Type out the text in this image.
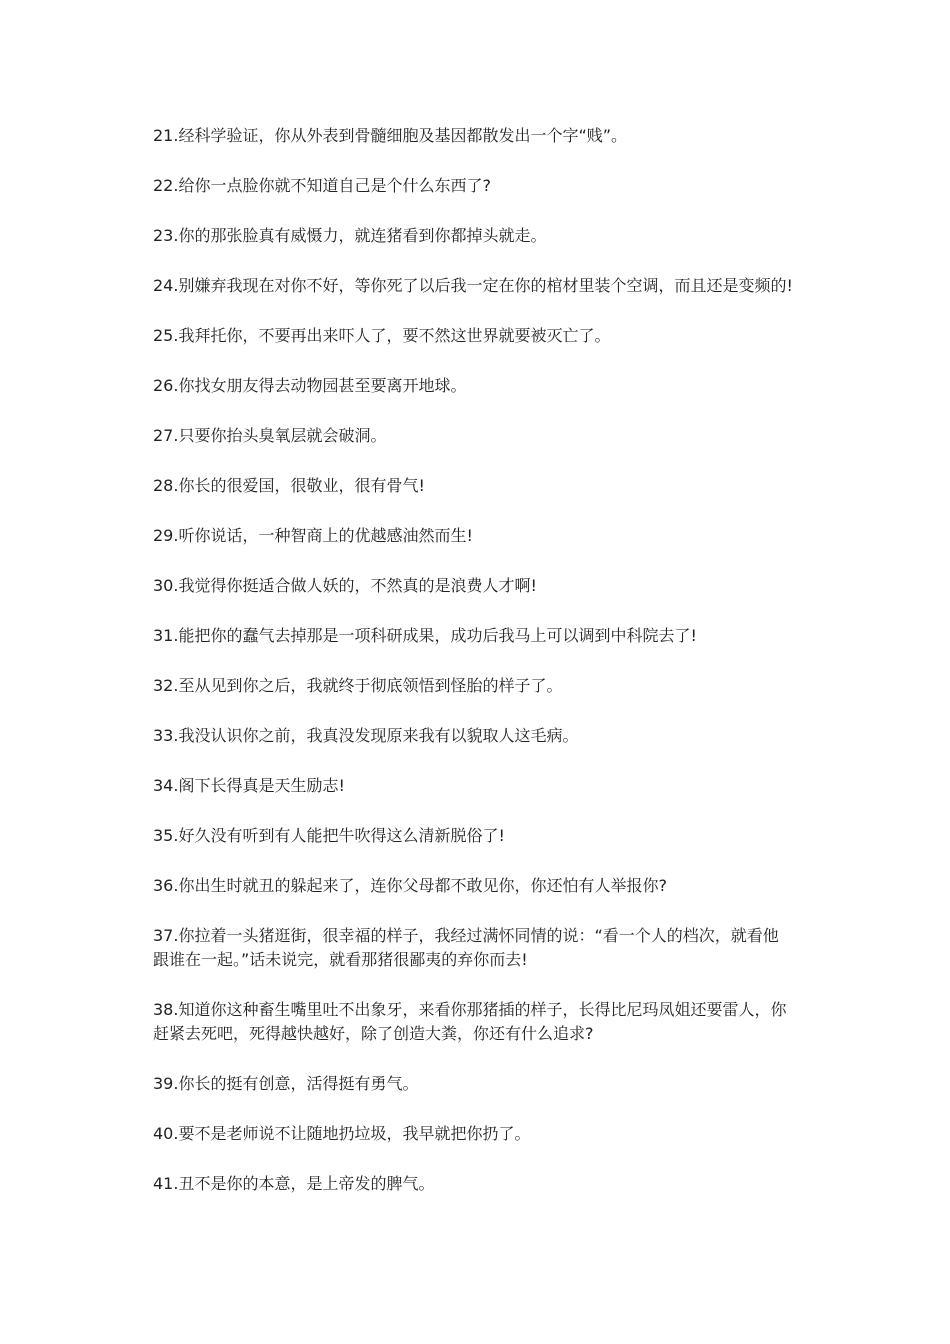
21.经科学验证，你从外表到骨髓细胞及基因都散发出一个字“贱”。

22.给你一点脸你就不知道自己是个什么东西了?

23.你的那张脸真有威慑力，就连猪看到你都掉头就走。

24.别嫌弃我现在对你不好，等你死了以后我一定在你的棺材里装个空调，而且还是变频的!

25.我拜托你，不要再出来吓人了，要不然这世界就要被灭亡了。

26.你找女朋友得去动物园甚至要离开地球。

27.只要你抬头臭氧层就会破洞。

28.你长的很爱国，很敬业，很有骨气!

29.听你说话，一种智商上的优越感油然而生!

30.我觉得你挺适合做人妖的，不然真的是浪费人才啊!

31.能把你的蠢气去掉那是一项科研成果，成功后我马上可以调到中科院去了!

32.至从见到你之后，我就终于彻底领悟到怪胎的样子了。

33.我没认识你之前，我真没发现原来我有以貌取人这毛病。

34.阁下长得真是天生励志!

35.好久没有听到有人能把牛吹得这么清新脱俗了!

36.你出生时就丑的躲起来了，连你父母都不敢见你，你还怕有人举报你?

37.你拉着一头猪逛街，很幸福的样子，我经过满怀同情的说：“看一个人的档次，就看他跟谁在一起。”话未说完，就看那猪很鄙夷的弃你而去!

38.知道你这种畜生嘴里吐不出象牙，来看你那猪插的样子，长得比尼玛凤姐还要雷人，你赶紧去死吧，死得越快越好，除了创造大粪，你还有什么追求?

39.你长的挺有创意，活得挺有勇气。

40.要不是老师说不让随地扔垃圾，我早就把你扔了。

41.丑不是你的本意，是上帝发的脾气。
